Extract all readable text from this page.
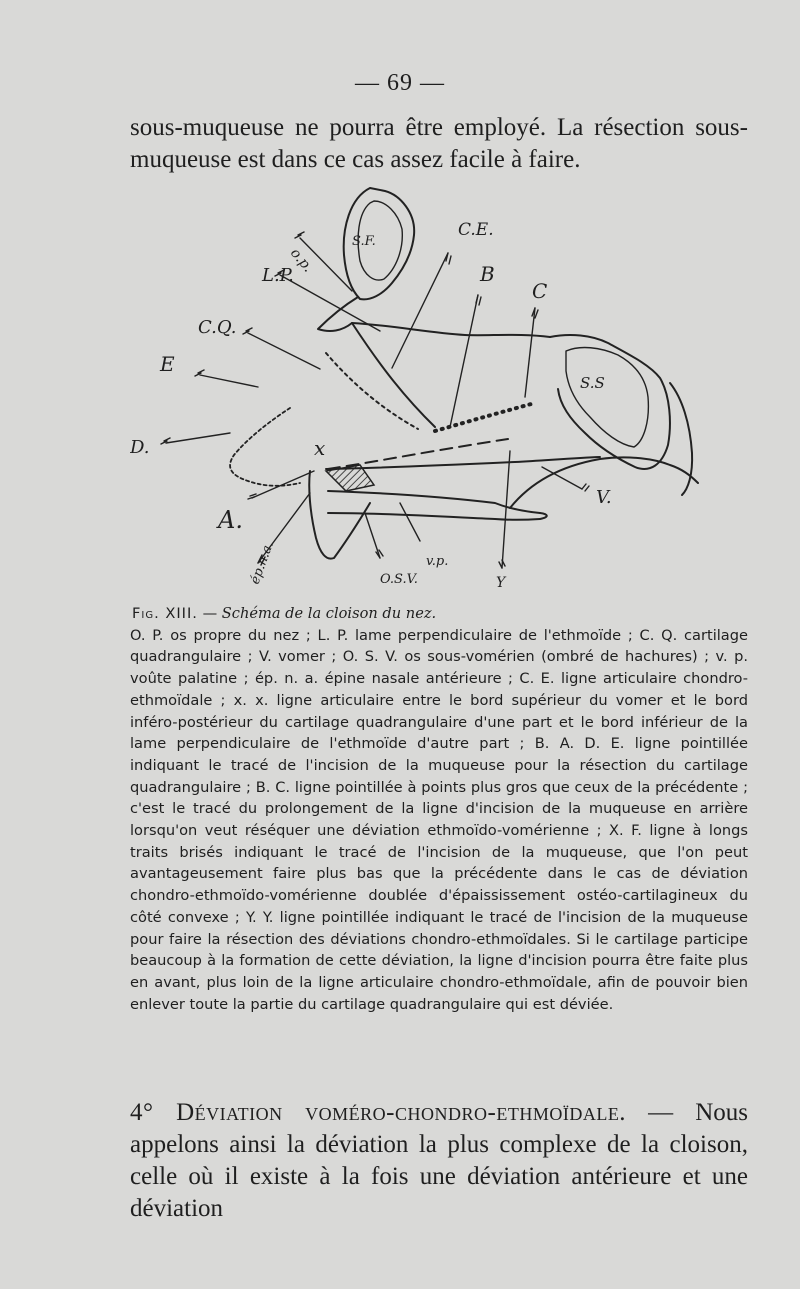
— 69 —

sous-muqueuse ne pourra être employé. La résection sous-muqueuse est dans ce cas assez facile à faire.

o.p.
S.F.
C.E.
L.P.	B
C
C.Q.
E
S.S
D.	x
V.
A.
ép.n.a.	v.p.
O.S.V.	Y
Fig. XIII. — Schéma de la cloison du nez.
O. P. os propre du nez ; L. P. lame perpendiculaire de l'ethmoïde ; C. Q. cartilage quadrangulaire ; V. vomer ; O. S. V. os sous-vomérien (ombré de hachures) ; v. p. voûte palatine ; ép. n. a. épine nasale antérieure ; C. E. ligne articulaire chondro-ethmoïdale ; x. x. ligne articulaire entre le bord supérieur du vomer et le bord inféro-postérieur du cartilage quadrangulaire d'une part et le bord inférieur de la lame perpendiculaire de l'ethmoïde d'autre part ; B. A. D. E. ligne pointillée indiquant le tracé de l'incision de la muqueuse pour la résection du cartilage quadrangulaire ; B. C. ligne pointillée à points plus gros que ceux de la précédente ; c'est le tracé du prolongement de la ligne d'incision de la muqueuse en arrière lorsqu'on veut réséquer une déviation ethmoïdo-vomérienne ; X. F. ligne à longs traits brisés indiquant le tracé de l'incision de la muqueuse, que l'on peut avantageusement faire plus bas que la précédente dans le cas de déviation chondro-ethmoïdo-vomérienne doublée d'épaississement ostéo-cartilagineux du côté convexe ; Y. Y. ligne pointillée indiquant le tracé de l'incision de la muqueuse pour faire la résection des déviations chondro-ethmoïdales. Si le cartilage participe beaucoup à la formation de cette déviation, la ligne d'incision pourra être faite plus en avant, plus loin de la ligne articulaire chondro-ethmoïdale, afin de pouvoir bien enlever toute la partie du cartilage quadrangulaire qui est déviée.

4° Déviation voméro-chondro-ethmoïdale. — Nous appelons ainsi la déviation la plus complexe de la cloison, celle où il existe à la fois une déviation antérieure et une déviation
